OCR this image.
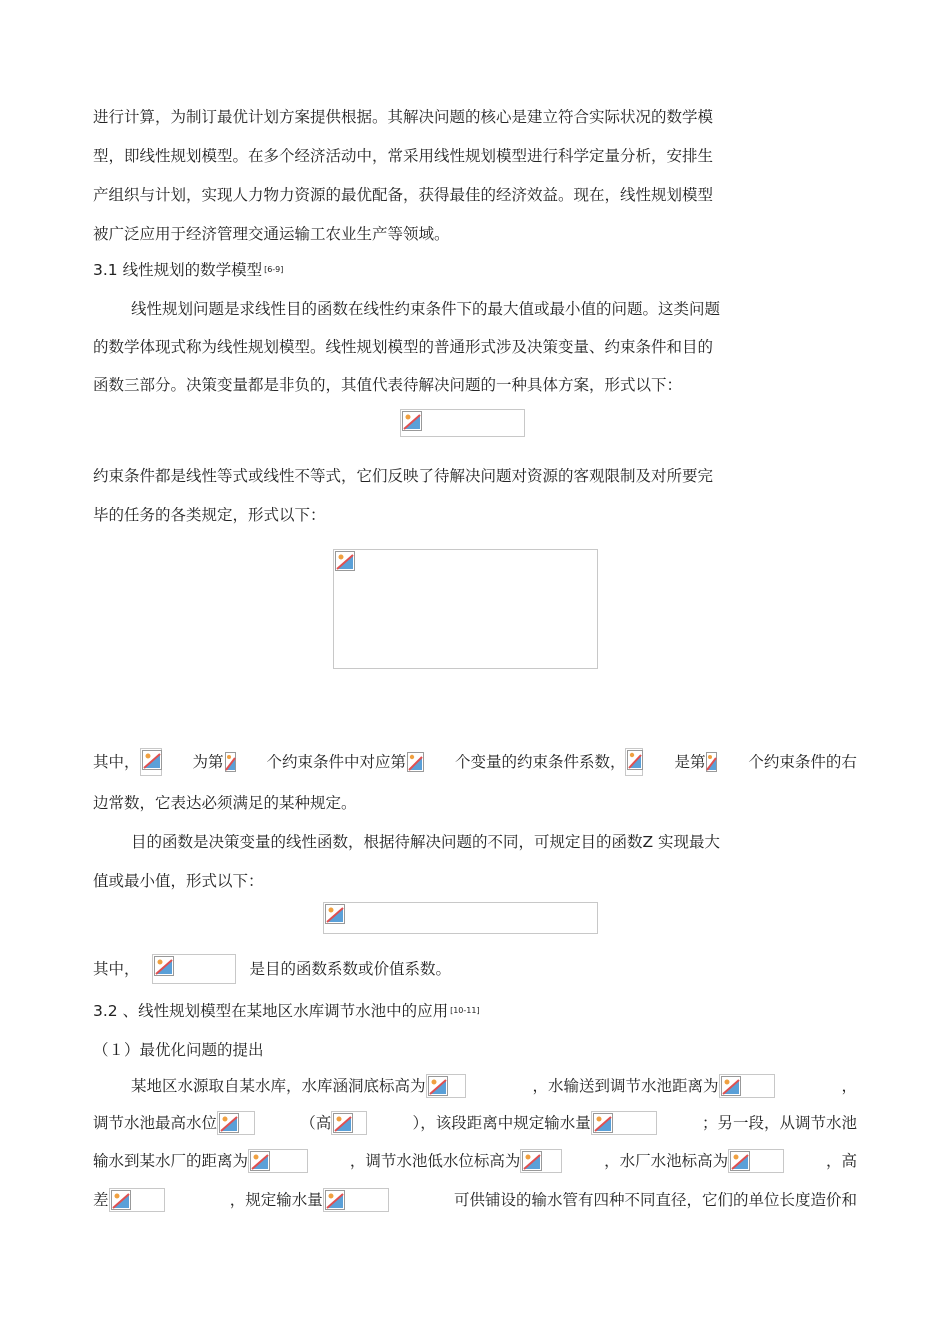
进行计算，为制订最优计划方案提供根据。其解决问题的核心是建立符合实际状况的数学模
型，即线性规划模型。在多个经济活动中，常采用线性规划模型进行科学定量分析，安排生
产组织与计划，实现人力物力资源的最优配备，获得最佳的经济效益。现在，线性规划模型
被广泛应用于经济管理交通运输工农业生产等领域。
3.1 线性规划的数学模型 [6-9]
线性规划问题是求线性目的函数在线性约束条件下的最大值或最小值的问题。这类问题
的数学体现式称为线性规划模型。线性规划模型的普通形式涉及决策变量、约束条件和目的
函数三部分。决策变量都是非负的，其值代表待解决问题的一种具体方案，形式以下：
约束条件都是线性等式或线性不等式，它们反映了待解决问题对资源的客观限制及对所要完
毕的任务的各类规定，形式以下：
其中，	为第	个约束条件中对应第	个变量的约束条件系数，	是第	个约束条件的右
边常数，它表达必须满足的某种规定。
目的函数是决策变量的线性函数，根据待解决问题的不同，可规定目的函数Z 实现最大
值或最小值，形式以下：
其中，	是目的函数系数或价值系数。
3.2 、线性规划模型在某地区水库调节水池中的应用 [10-11]
（１）最优化问题的提出
某地区水源取自某水库，水库涵洞底标高为	，水输送到调节水池距离为	，
调节水池最高水位	（高	），该段距离中规定输水量	；另一段，从调节水池
输水到某水厂的距离为	，调节水池低水位标高为	，水厂水池标高为	，高
差	，规定输水量	可供铺设的输水管有四种不同直径，它们的单位长度造价和
